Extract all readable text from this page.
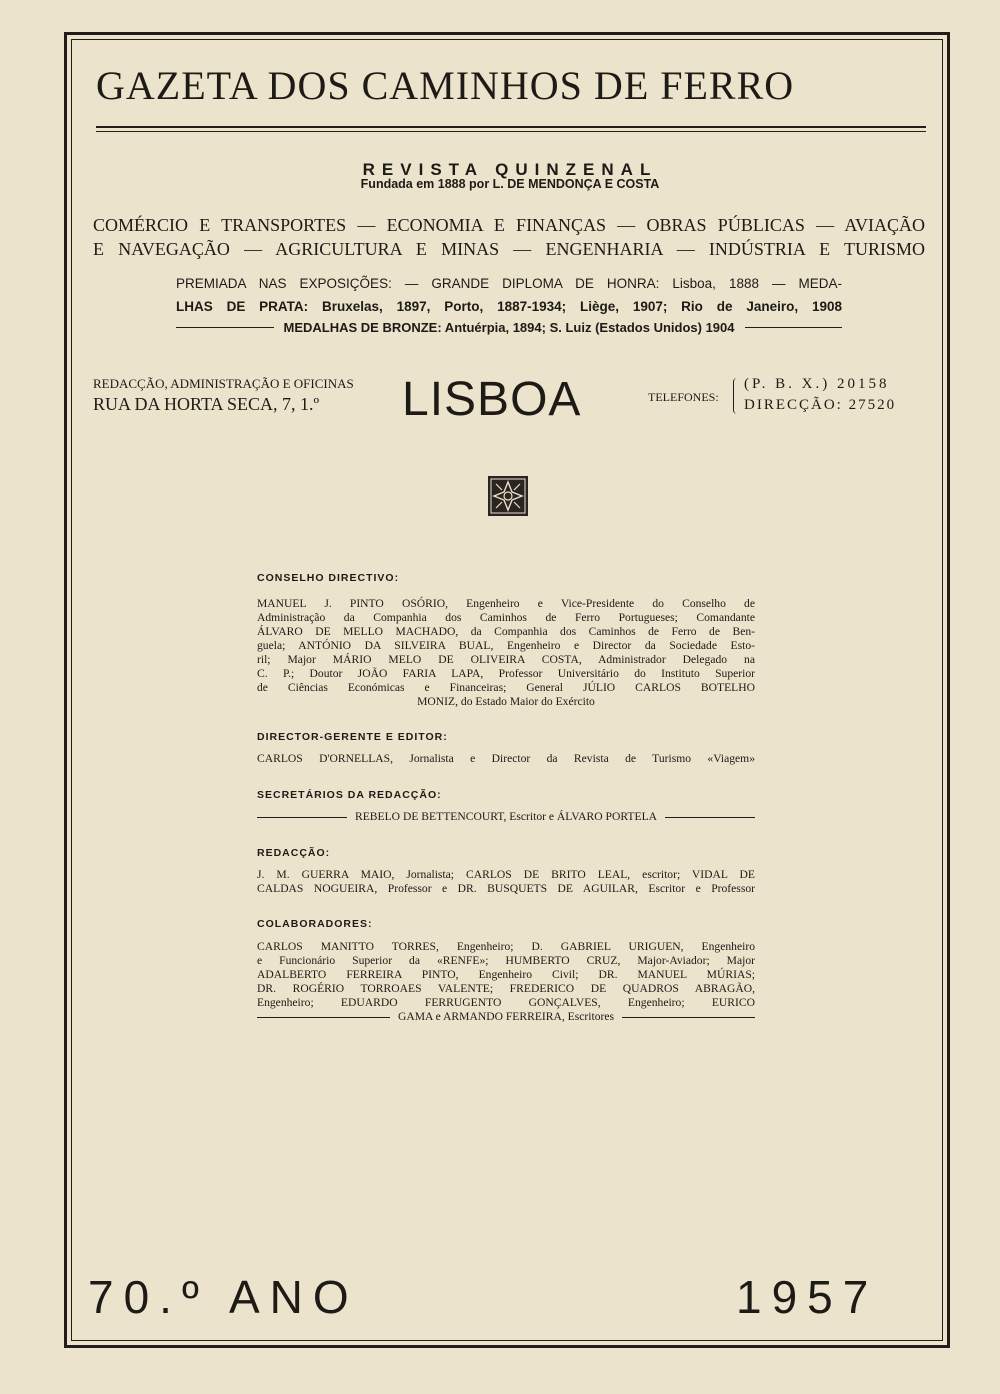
GAZETA DOS CAMINHOS DE FERRO
REVISTA QUINZENAL
Fundada em 1888 por L. DE MENDONÇA E COSTA
COMÉRCIO E TRANSPORTES — ECONOMIA E FINANÇAS — OBRAS PÚBLICAS — AVIAÇÃO
E NAVEGAÇÃO — AGRICULTURA E MINAS — ENGENHARIA — INDÚSTRIA E TURISMO
PREMIADA NAS EXPOSIÇÕES: — GRANDE DIPLOMA DE HONRA: Lisboa, 1888 — MEDA-
LHAS DE PRATA: Bruxelas, 1897, Porto, 1887-1934; Liège, 1907; Rio de Janeiro, 1908
MEDALHAS DE BRONZE: Antuérpia, 1894; S. Luiz (Estados Unidos) 1904
REDACÇÃO, ADMINISTRAÇÃO E OFICINAS
RUA DA HORTA SECA, 7, 1.º LISBOA	TELEFONES:
(P. B. X.) 20158
DIRECÇÃO: 27520
CONSELHO DIRECTIVO:
MANUEL J. PINTO OSÓRIO, Engenheiro e Vice-Presidente do Conselho de
Administração da Companhia dos Caminhos de Ferro Portugueses; Comandante
ÁLVARO DE MELLO MACHADO, da Companhia dos Caminhos de Ferro de Ben-
guela; ANTÓNIO DA SILVEIRA BUAL, Engenheiro e Director da Sociedade Esto-
ril; Major MÁRIO MELO DE OLIVEIRA COSTA, Administrador Delegado na
C. P.; Doutor JOÃO FARIA LAPA, Professor Universitário do Instituto Superior
de Ciências Económicas e Financeiras; General JÚLIO CARLOS BOTELHO
MONIZ, do Estado Maior do Exército
DIRECTOR-GERENTE E EDITOR:
CARLOS D'ORNELLAS, Jornalista e Director da Revista de Turismo «Viagem»
SECRETÁRIOS DA REDACÇÃO:
REBELO DE BETTENCOURT, Escritor e ÁLVARO PORTELA
REDACÇÃO:
J. M. GUERRA MAIO, Jornalista; CARLOS DE BRITO LEAL, escritor; VIDAL DE
CALDAS NOGUEIRA, Professor e DR. BUSQUETS DE AGUILAR, Escritor e Professor
COLABORADORES:
CARLOS MANITTO TORRES, Engenheiro; D. GABRIEL URIGUEN, Engenheiro
e Funcionário Superior da «RENFE»; HUMBERTO CRUZ, Major-Aviador; Major
ADALBERTO FERREIRA PINTO, Engenheiro Civil; DR. MANUEL MÚRIAS;
DR. ROGÉRIO TORROAES VALENTE; FREDERICO DE QUADROS ABRAGÃO,
Engenheiro; EDUARDO FERRUGENTO GONÇALVES, Engenheiro; EURICO
GAMA e ARMANDO FERREIRA, Escritores
70.º ANO	1957
